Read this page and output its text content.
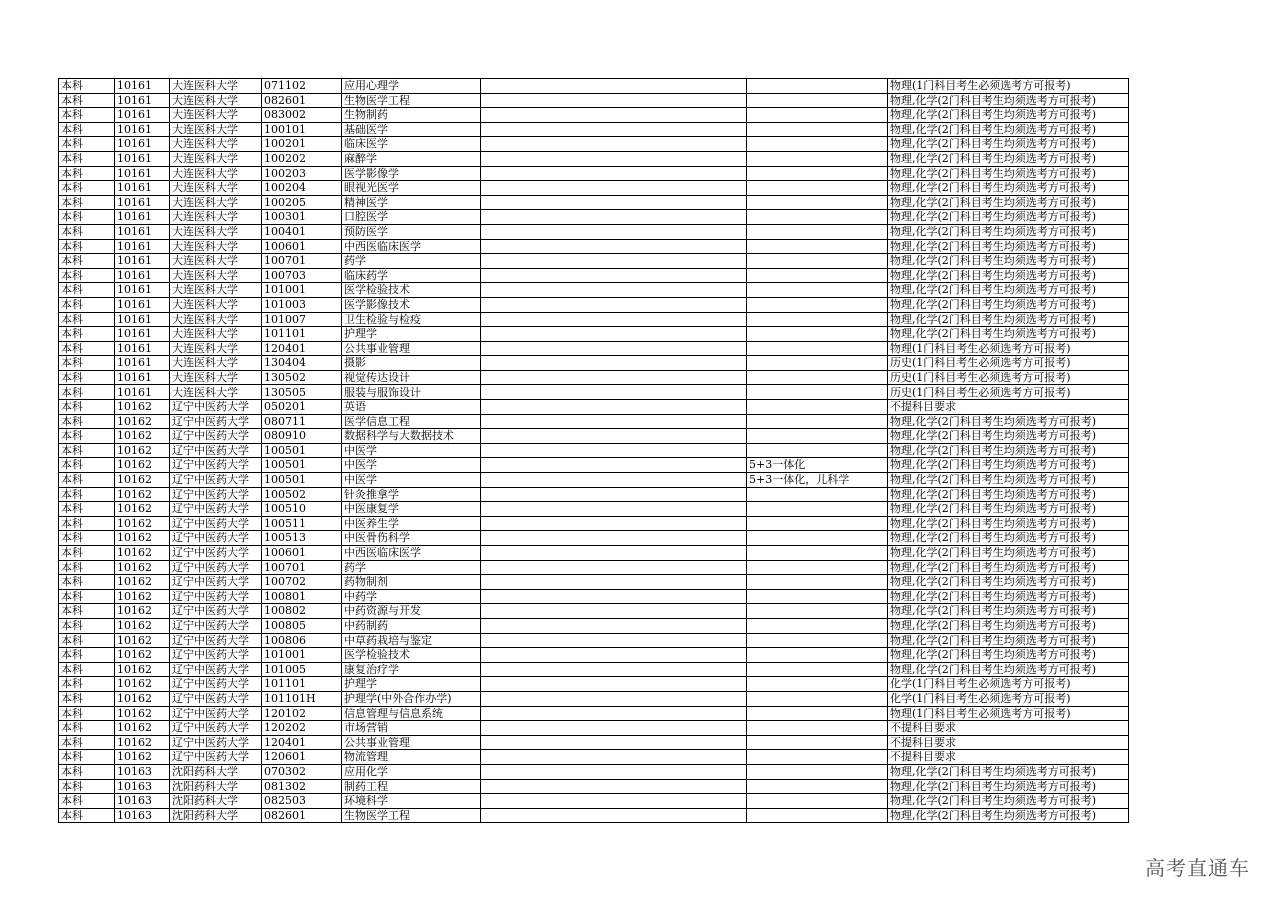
本科	10161	大连医科大学	071102	应用心理学			物理(1门科目考生必须选考方可报考)
本科	10161	大连医科大学	082601	生物医学工程			物理,化学(2门科目考生均须选考方可报考)
本科	10161	大连医科大学	083002	生物制药			物理,化学(2门科目考生均须选考方可报考)
本科	10161	大连医科大学	100101	基础医学			物理,化学(2门科目考生均须选考方可报考)
本科	10161	大连医科大学	100201	临床医学			物理,化学(2门科目考生均须选考方可报考)
本科	10161	大连医科大学	100202	麻醉学			物理,化学(2门科目考生均须选考方可报考)
本科	10161	大连医科大学	100203	医学影像学			物理,化学(2门科目考生均须选考方可报考)
本科	10161	大连医科大学	100204	眼视光医学			物理,化学(2门科目考生均须选考方可报考)
本科	10161	大连医科大学	100205	精神医学			物理,化学(2门科目考生均须选考方可报考)
本科	10161	大连医科大学	100301	口腔医学			物理,化学(2门科目考生均须选考方可报考)
本科	10161	大连医科大学	100401	预防医学			物理,化学(2门科目考生均须选考方可报考)
本科	10161	大连医科大学	100601	中西医临床医学			物理,化学(2门科目考生均须选考方可报考)
本科	10161	大连医科大学	100701	药学			物理,化学(2门科目考生均须选考方可报考)
本科	10161	大连医科大学	100703	临床药学			物理,化学(2门科目考生均须选考方可报考)
本科	10161	大连医科大学	101001	医学检验技术			物理,化学(2门科目考生均须选考方可报考)
本科	10161	大连医科大学	101003	医学影像技术			物理,化学(2门科目考生均须选考方可报考)
本科	10161	大连医科大学	101007	卫生检验与检疫			物理,化学(2门科目考生均须选考方可报考)
本科	10161	大连医科大学	101101	护理学			物理,化学(2门科目考生均须选考方可报考)
本科	10161	大连医科大学	120401	公共事业管理			物理(1门科目考生必须选考方可报考)
本科	10161	大连医科大学	130404	摄影			历史(1门科目考生必须选考方可报考)
本科	10161	大连医科大学	130502	视觉传达设计			历史(1门科目考生必须选考方可报考)
本科	10161	大连医科大学	130505	服装与服饰设计			历史(1门科目考生必须选考方可报考)
本科	10162	辽宁中医药大学	050201	英语			不提科目要求
本科	10162	辽宁中医药大学	080711	医学信息工程			物理,化学(2门科目考生均须选考方可报考)
本科	10162	辽宁中医药大学	080910	数据科学与大数据技术			物理,化学(2门科目考生均须选考方可报考)
本科	10162	辽宁中医药大学	100501	中医学			物理,化学(2门科目考生均须选考方可报考)
本科	10162	辽宁中医药大学	100501	中医学		5+3一体化	物理,化学(2门科目考生均须选考方可报考)
本科	10162	辽宁中医药大学	100501	中医学		5+3一体化，儿科学	物理,化学(2门科目考生均须选考方可报考)
本科	10162	辽宁中医药大学	100502	针灸推拿学			物理,化学(2门科目考生均须选考方可报考)
本科	10162	辽宁中医药大学	100510	中医康复学			物理,化学(2门科目考生均须选考方可报考)
本科	10162	辽宁中医药大学	100511	中医养生学			物理,化学(2门科目考生均须选考方可报考)
本科	10162	辽宁中医药大学	100513	中医骨伤科学			物理,化学(2门科目考生均须选考方可报考)
本科	10162	辽宁中医药大学	100601	中西医临床医学			物理,化学(2门科目考生均须选考方可报考)
本科	10162	辽宁中医药大学	100701	药学			物理,化学(2门科目考生均须选考方可报考)
本科	10162	辽宁中医药大学	100702	药物制剂			物理,化学(2门科目考生均须选考方可报考)
本科	10162	辽宁中医药大学	100801	中药学			物理,化学(2门科目考生均须选考方可报考)
本科	10162	辽宁中医药大学	100802	中药资源与开发			物理,化学(2门科目考生均须选考方可报考)
本科	10162	辽宁中医药大学	100805	中药制药			物理,化学(2门科目考生均须选考方可报考)
本科	10162	辽宁中医药大学	100806	中草药栽培与鉴定			物理,化学(2门科目考生均须选考方可报考)
本科	10162	辽宁中医药大学	101001	医学检验技术			物理,化学(2门科目考生均须选考方可报考)
本科	10162	辽宁中医药大学	101005	康复治疗学			物理,化学(2门科目考生均须选考方可报考)
本科	10162	辽宁中医药大学	101101	护理学			化学(1门科目考生必须选考方可报考)
本科	10162	辽宁中医药大学	101101H	护理学(中外合作办学)			化学(1门科目考生必须选考方可报考)
本科	10162	辽宁中医药大学	120102	信息管理与信息系统			物理(1门科目考生必须选考方可报考)
本科	10162	辽宁中医药大学	120202	市场营销			不提科目要求
本科	10162	辽宁中医药大学	120401	公共事业管理			不提科目要求
本科	10162	辽宁中医药大学	120601	物流管理			不提科目要求
本科	10163	沈阳药科大学	070302	应用化学			物理,化学(2门科目考生均须选考方可报考)
本科	10163	沈阳药科大学	081302	制药工程			物理,化学(2门科目考生均须选考方可报考)
本科	10163	沈阳药科大学	082503	环境科学			物理,化学(2门科目考生均须选考方可报考)
本科	10163	沈阳药科大学	082601	生物医学工程			物理,化学(2门科目考生均须选考方可报考)
高考直通车
